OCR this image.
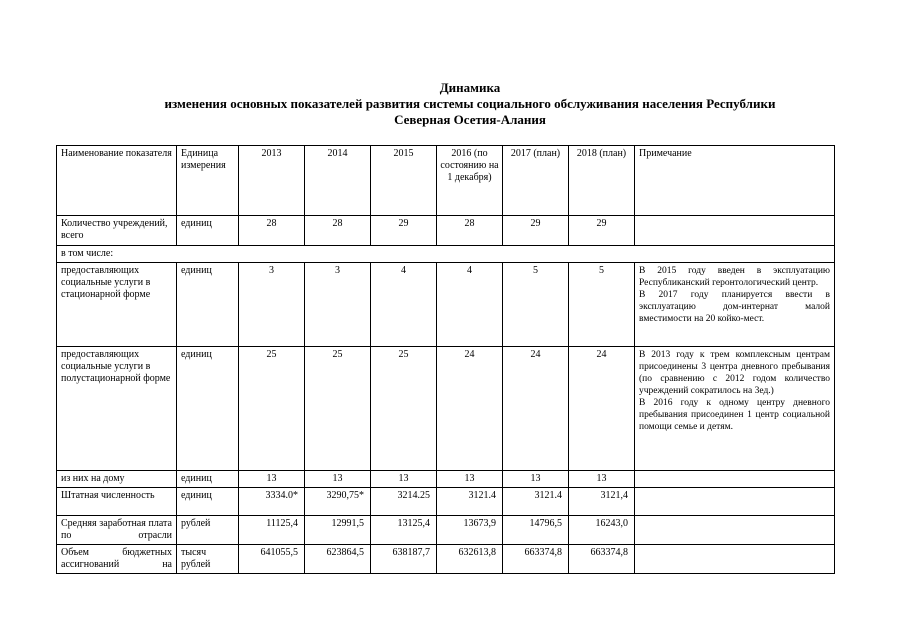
Динамика
изменения основных показателей развития системы социального обслуживания населения Республики
Северная Осетия-Алания
Наименование показателя	Единица измерения	2013	2014	2015	2016 (по состоянию на 1 декабря)	2017 (план)	2018 (план)	Примечание
Количество учреждений, всего	единиц	28	28	29	28	29	29	
в том числе:								
предоставляющих социальные услуги в стационарной форме	единиц	3	3	4	4	5	5	В 2015 году введен в эксплуатацию Республиканский геронтологический центр.

В 2017 году планируется ввести в эксплуатацию дом-интернат малой вместимости на 20 койко-мест.

предоставляющих социальные услуги в полустационарной форме	единиц	25	25	25	24	24	24	В 2013 году к трем комплексным центрам присоединены 3 центра дневного пребывания (по сравнению с 2012 годом количество учреждений сократилось на 3ед.)

В 2016 году к одному центру дневного пребывания присоединен 1 центр социальной помощи семье и детям.

из них на дому	единиц	13	13	13	13	13	13	
Штатная численность	единиц	3334.0*	3290,75*	3214.25	3121.4	3121.4	3121,4	
Средняя заработная плата по отрасли	рублей	11125,4	12991,5	13125,4	13673,9	14796,5	16243,0	
Объем бюджетных ассигнований на	тысяч рублей	641055,5	623864,5	638187,7	632613,8	663374,8	663374,8	
